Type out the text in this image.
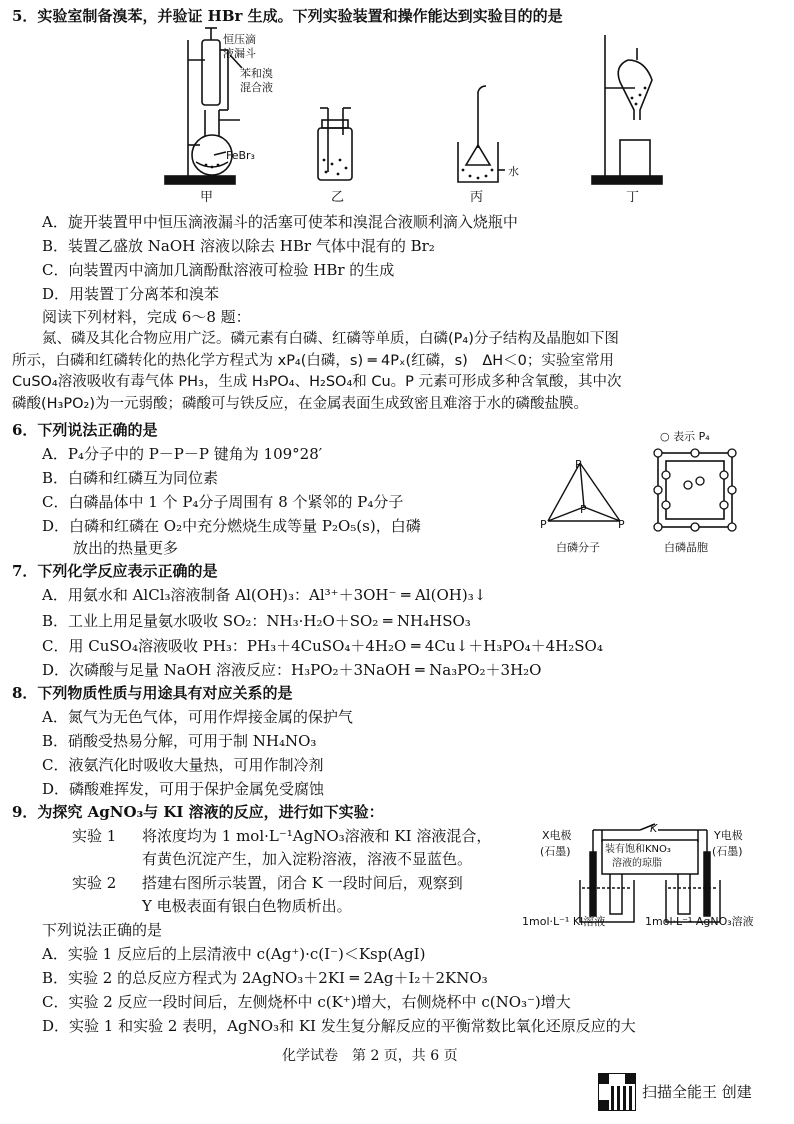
5．实验室制备溴苯，并验证 HBr 生成。下列实验装置和操作能达到实验目的的是
恒压滴
液漏斗
苯和溴
混合液
FeBr₃
水
甲	乙	丙	丁
A．旋开装置甲中恒压滴液漏斗的活塞可使苯和溴混合液顺利滴入烧瓶中
B．装置乙盛放 NaOH 溶液以除去 HBr 气体中混有的 Br₂
C．向装置丙中滴加几滴酚酞溶液可检验 HBr 的生成
D．用装置丁分离苯和溴苯
阅读下列材料，完成 6～8 题：
氮、磷及其化合物应用广泛。磷元素有白磷、红磷等单质，白磷(P₄)分子结构及晶胞如下图
所示，白磷和红磷转化的热化学方程式为 xP₄(白磷，s) ═ 4Pₓ(红磷，s)　ΔH＜0；实验室常用
CuSO₄溶液吸收有毒气体 PH₃，生成 H₃PO₄、H₂SO₄和 Cu。P 元素可形成多种含氧酸，其中次
磷酸(H₃PO₂)为一元弱酸；磷酸可与铁反应，在金属表面生成致密且难溶于水的磷酸盐膜。
6．下列说法正确的是
A．P₄分子中的 P－P－P 键角为 109°28′
B．白磷和红磷互为同位素
C．白磷晶体中 1 个 P₄分子周围有 8 个紧邻的 P₄分子
D．白磷和红磷在 O₂中充分燃烧生成等量 P₂O₅(s)，白磷
放出的热量更多
○ 表示 P₄
P
P	P
P
白磷分子	白磷晶胞
7．下列化学反应表示正确的是
A．用氨水和 AlCl₃溶液制备 Al(OH)₃：Al³⁺＋3OH⁻ ═ Al(OH)₃↓
B．工业上用足量氨水吸收 SO₂：NH₃·H₂O＋SO₂ ═ NH₄HSO₃
C．用 CuSO₄溶液吸收 PH₃：PH₃＋4CuSO₄＋4H₂O ═ 4Cu↓＋H₃PO₄＋4H₂SO₄
D．次磷酸与足量 NaOH 溶液反应：H₃PO₂＋3NaOH ═ Na₃PO₂＋3H₂O
8．下列物质性质与用途具有对应关系的是
A．氮气为无色气体，可用作焊接金属的保护气
B．硝酸受热易分解，可用于制 NH₄NO₃
C．液氨汽化时吸收大量热，可用作制冷剂
D．磷酸难挥发，可用于保护金属免受腐蚀
9．为探究 AgNO₃与 KI 溶液的反应，进行如下实验：
实验 1 将浓度均为 1 mol·L⁻¹AgNO₃溶液和 KI 溶液混合，
有黄色沉淀产生，加入淀粉溶液，溶液不显蓝色。
实验 2 搭建右图所示装置，闭合 K 一段时间后，观察到
Y 电极表面有银白色物质析出。
下列说法正确的是
A．实验 1 反应后的上层清液中 c(Ag⁺)·c(I⁻)＜Ksp(AgI)
B．实验 2 的总反应方程式为 2AgNO₃＋2KI ═ 2Ag＋I₂＋2KNO₃
C．实验 2 反应一段时间后，左侧烧杯中 c(K⁺)增大，右侧烧杯中 c(NO₃⁻)增大
D．实验 1 和实验 2 表明，AgNO₃和 KI 发生复分解反应的平衡常数比氧化还原反应的大
K
X电极
(石墨)
Y电极
(石墨)
装有饱和KNO₃
溶液的琼脂
1mol·L⁻¹ KI溶液	1mol·L⁻¹ AgNO₃溶液
化学试卷　第 2 页，共 6 页
扫描全能王 创建
